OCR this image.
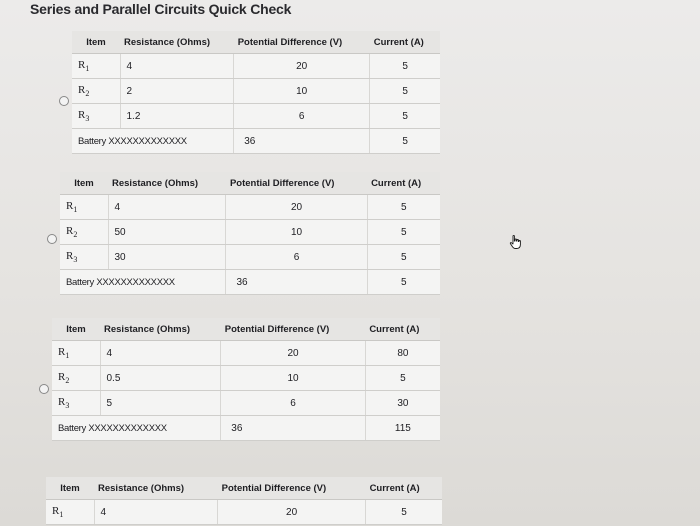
Series and Parallel Circuits Quick Check
Item	Resistance (Ohms)	Potential Difference (V)	Current (A)
$R_1$	4	20	5
$R_2$	2	10	5
$R_3$	1.2	6	5
Battery XXXXXXXXXXXXX		36	5
Item	Resistance (Ohms)	Potential Difference (V)	Current (A)
$R_1$	4	20	5
$R_2$	50	10	5
$R_3$	30	6	5
Battery XXXXXXXXXXXXX		36	5
Item	Resistance (Ohms)	Potential Difference (V)	Current (A)
$R_1$	4	20	80
$R_2$	0.5	10	5
$R_3$	5	6	30
Battery XXXXXXXXXXXXX		36	115
Item	Resistance (Ohms)	Potential Difference (V)	Current (A)
$R_1$	4	20	5
